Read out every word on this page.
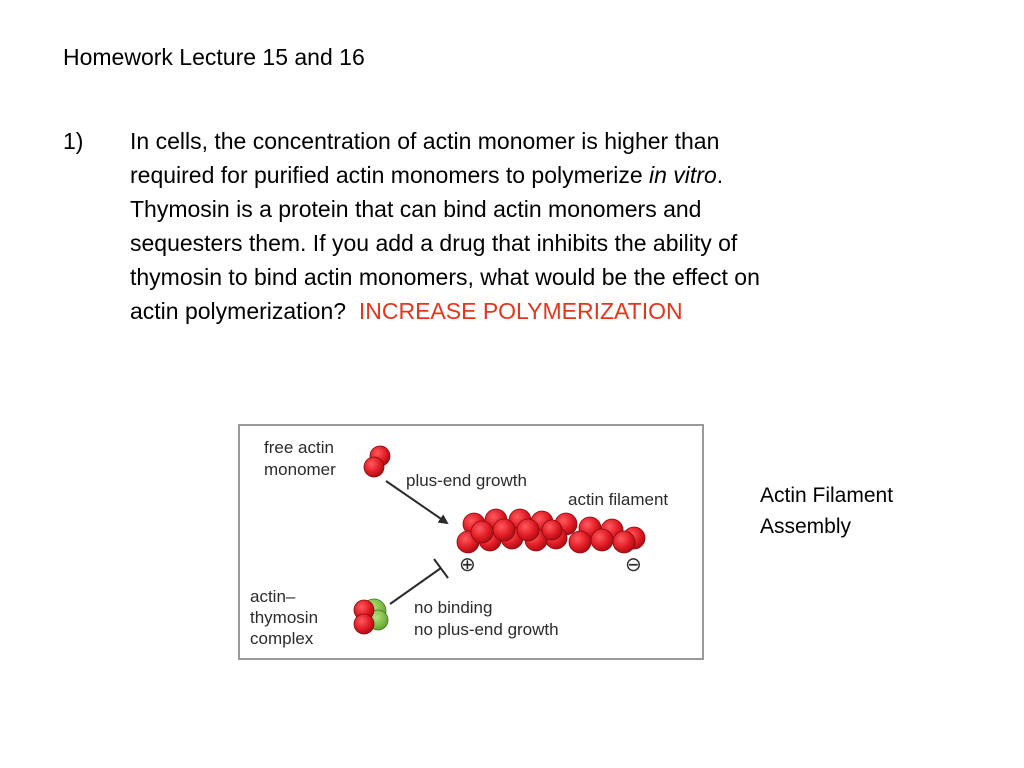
Homework Lecture 15 and 16
1) In cells, the concentration of actin monomer is higher than
required for purified actin monomers to polymerize in vitro.
Thymosin is a protein that can bind actin monomers and
sequesters them. If you add a drug that inhibits the ability of
thymosin to bind actin monomers, what would be the effect on
actin polymerization? INCREASE POLYMERIZATION
free actin
monomer
plus-end growth
actin filament
actin–
thymosin
complex
no binding
no plus-end growth
⊕	⊖
Actin Filament
Assembly
